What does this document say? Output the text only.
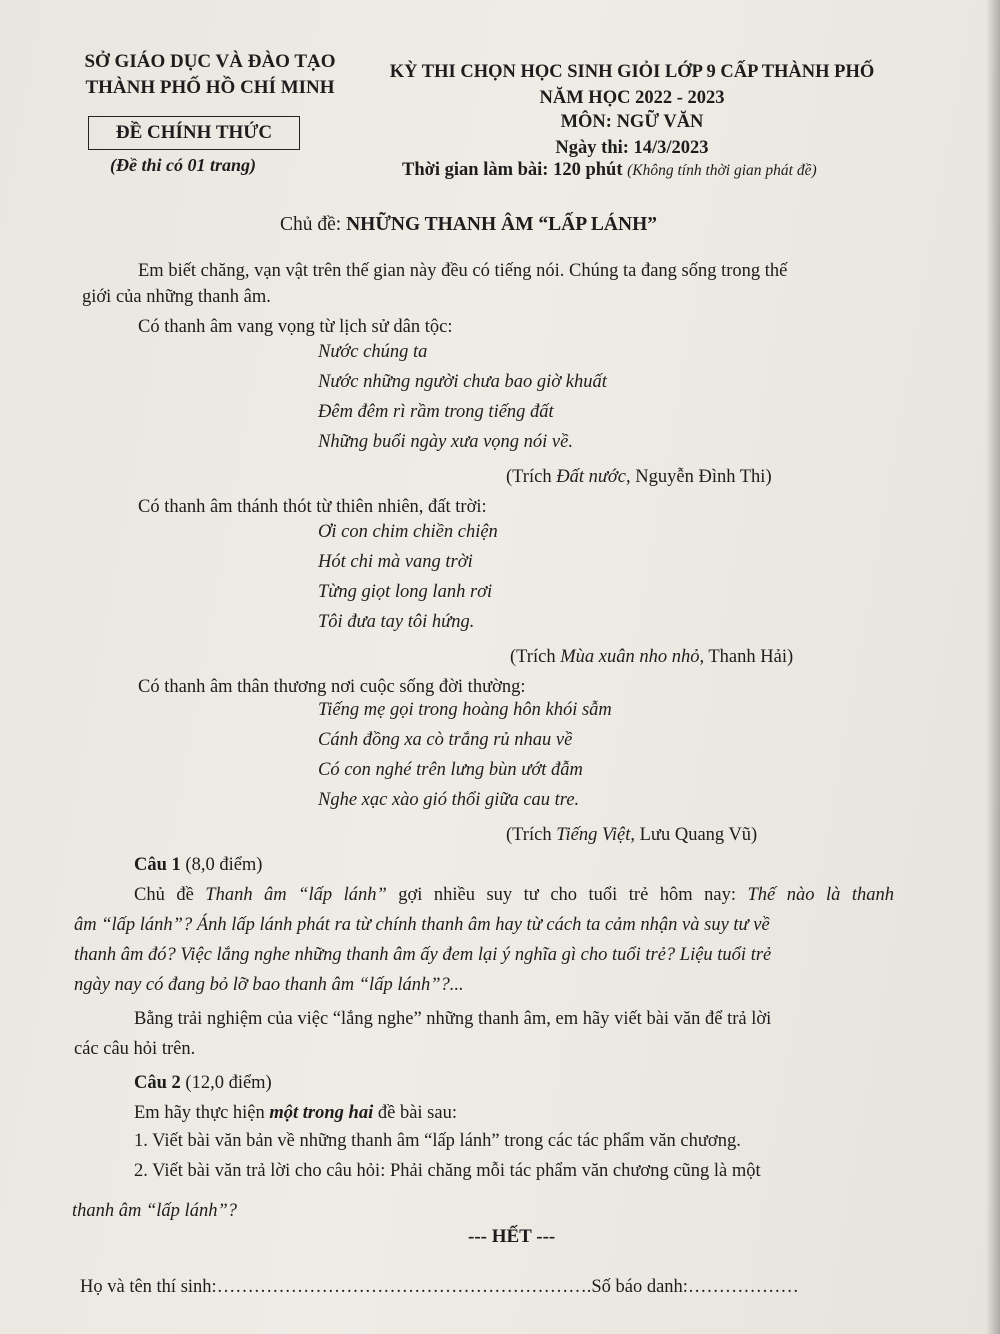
SỞ GIÁO DỤC VÀ ĐÀO TẠO
THÀNH PHỐ HỒ CHÍ MINH
ĐỀ CHÍNH THỨC
(Đề thi có 01 trang)
KỲ THI CHỌN HỌC SINH GIỎI LỚP 9 CẤP THÀNH PHỐ
NĂM HỌC 2022 - 2023
MÔN: NGỮ VĂN
Ngày thi: 14/3/2023
Thời gian làm bài: 120 phút (Không tính thời gian phát đề)
Chủ đề: NHỮNG THANH ÂM “LẤP LÁNH”
Em biết chăng, vạn vật trên thế gian này đều có tiếng nói. Chúng ta đang sống trong thế
giới của những thanh âm.
Có thanh âm vang vọng từ lịch sử dân tộc:
Nước chúng ta
Nước những người chưa bao giờ khuất
Đêm đêm rì rầm trong tiếng đất
Những buổi ngày xưa vọng nói về.
(Trích Đất nước, Nguyễn Đình Thi)
Có thanh âm thánh thót từ thiên nhiên, đất trời:
Ơi con chim chiền chiện
Hót chi mà vang trời
Từng giọt long lanh rơi
Tôi đưa tay tôi hứng.
(Trích Mùa xuân nho nhỏ, Thanh Hải)
Có thanh âm thân thương nơi cuộc sống đời thường:
Tiếng mẹ gọi trong hoàng hôn khói sẫm
Cánh đồng xa cò trắng rủ nhau về
Có con nghé trên lưng bùn ướt đẫm
Nghe xạc xào gió thổi giữa cau tre.
(Trích Tiếng Việt, Lưu Quang Vũ)
Câu 1 (8,0 điểm)
Chủ đề Thanh âm “lấp lánh” gợi nhiều suy tư cho tuổi trẻ hôm nay: Thế nào là thanh
âm “lấp lánh”? Ánh lấp lánh phát ra từ chính thanh âm hay từ cách ta cảm nhận và suy tư về
thanh âm đó? Việc lắng nghe những thanh âm ấy đem lại ý nghĩa gì cho tuổi trẻ? Liệu tuổi trẻ
ngày nay có đang bỏ lỡ bao thanh âm “lấp lánh”?...
Bằng trải nghiệm của việc “lắng nghe” những thanh âm, em hãy viết bài văn để trả lời
các câu hỏi trên.
Câu 2 (12,0 điểm)
Em hãy thực hiện một trong hai đề bài sau:
1. Viết bài văn bản về những thanh âm “lấp lánh” trong các tác phẩm văn chương.
2. Viết bài văn trả lời cho câu hỏi: Phải chăng mỗi tác phẩm văn chương cũng là một
thanh âm “lấp lánh”?
--- HẾT ---
Họ và tên thí sinh:…………………………………………………….Số báo danh:………………
